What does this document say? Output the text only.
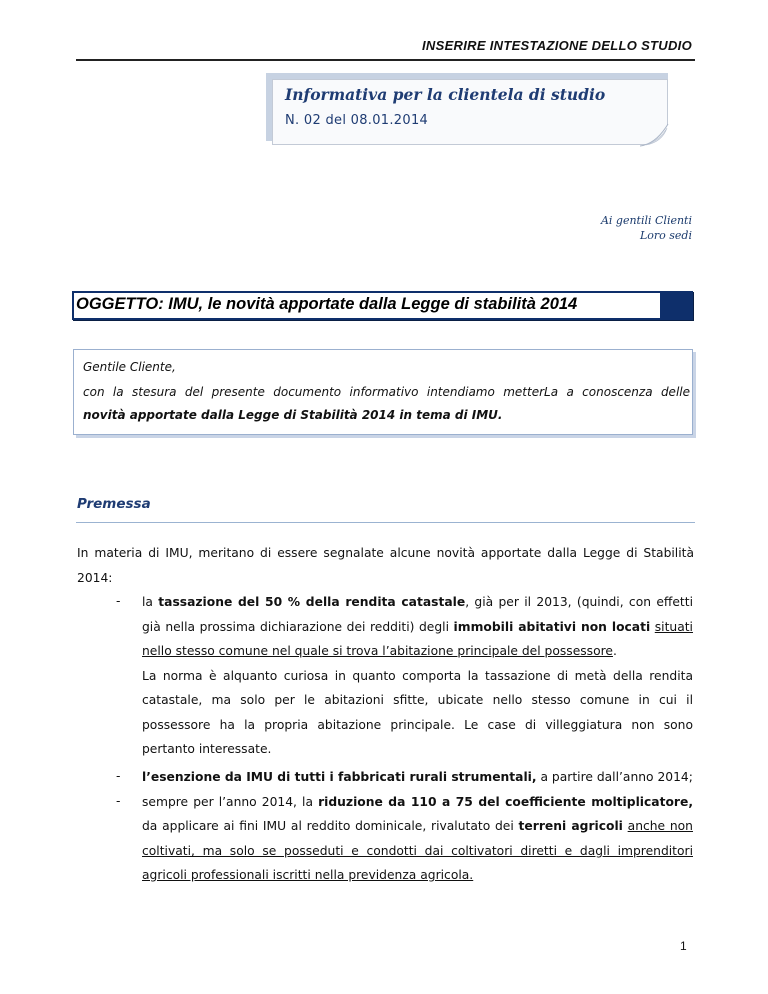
INSERIRE INTESTAZIONE DELLO STUDIO
Informativa per la clientela di studio
N. 02 del 08.01.2014
Ai gentili Clienti
Loro sedi
OGGETTO: IMU, le novità apportate dalla Legge di stabilità 2014
Gentile Cliente,
con la stesura del presente documento informativo intendiamo metterLa a conoscenza delle
novità apportate dalla Legge di Stabilità 2014 in tema di IMU.
Premessa
In materia di IMU, meritano di essere segnalate alcune novità apportate dalla Legge di Stabilità
2014:
- la tassazione del 50 % della rendita catastale, già per il 2013, (quindi, con effetti
già nella prossima dichiarazione dei redditi) degli immobili abitativi non locati situati
nello stesso comune nel quale si trova l’abitazione principale del possessore.
La norma è alquanto curiosa in quanto comporta la tassazione di metà della rendita
catastale, ma solo per le abitazioni sfitte, ubicate nello stesso comune in cui il
possessore ha la propria abitazione principale. Le case di villeggiatura non sono
pertanto interessate.
- l’esenzione da IMU di tutti i fabbricati rurali strumentali, a partire dall’anno 2014;
- sempre per l’anno 2014, la riduzione da 110 a 75 del coefficiente moltiplicatore,
da applicare ai fini IMU al reddito dominicale, rivalutato dei terreni agricoli anche non
coltivati, ma solo se posseduti e condotti dai coltivatori diretti e dagli imprenditori
agricoli professionali iscritti nella previdenza agricola.
1
